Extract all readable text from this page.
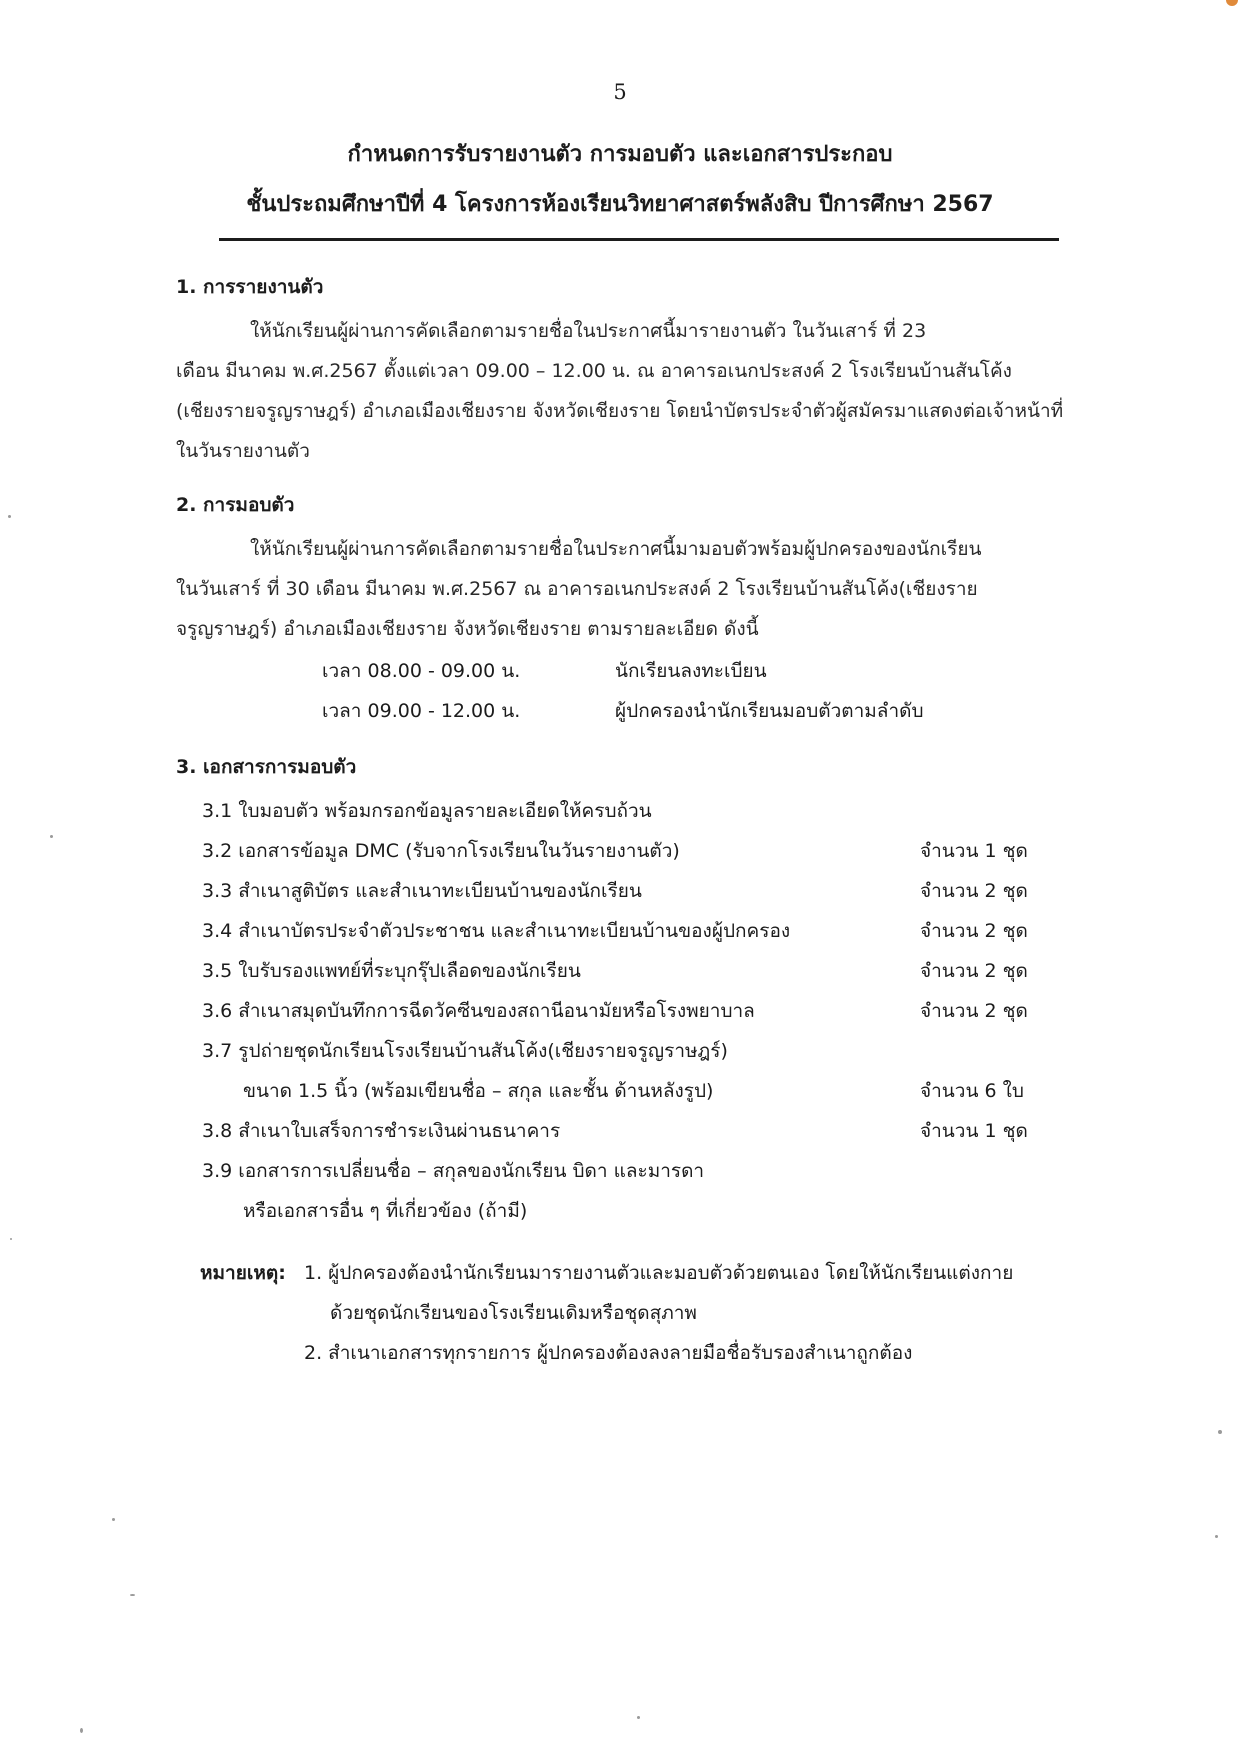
5
กำหนดการรับรายงานตัว การมอบตัว และเอกสารประกอบ
ชั้นประถมศึกษาปีที่ 4 โครงการห้องเรียนวิทยาศาสตร์พลังสิบ ปีการศึกษา 2567
1. การรายงานตัว
ให้นักเรียนผู้ผ่านการคัดเลือกตามรายชื่อในประกาศนี้มารายงานตัว ในวันเสาร์ ที่ 23
เดือน มีนาคม พ.ศ.2567 ตั้งแต่เวลา 09.00 – 12.00 น. ณ อาคารอเนกประสงค์ 2 โรงเรียนบ้านสันโค้ง
(เชียงรายจรูญราษฎร์) อำเภอเมืองเชียงราย จังหวัดเชียงราย โดยนำบัตรประจำตัวผู้สมัครมาแสดงต่อเจ้าหน้าที่
ในวันรายงานตัว
2. การมอบตัว
ให้นักเรียนผู้ผ่านการคัดเลือกตามรายชื่อในประกาศนี้มามอบตัวพร้อมผู้ปกครองของนักเรียน
ในวันเสาร์ ที่ 30 เดือน มีนาคม พ.ศ.2567 ณ อาคารอเนกประสงค์ 2 โรงเรียนบ้านสันโค้ง(เชียงราย
จรูญราษฎร์) อำเภอเมืองเชียงราย จังหวัดเชียงราย ตามรายละเอียด ดังนี้
เวลา 08.00 - 09.00 น.	นักเรียนลงทะเบียน
เวลา 09.00 - 12.00 น.	ผู้ปกครองนำนักเรียนมอบตัวตามลำดับ
3. เอกสารการมอบตัว
3.1 ใบมอบตัว พร้อมกรอกข้อมูลรายละเอียดให้ครบถ้วน
3.2 เอกสารข้อมูล DMC (รับจากโรงเรียนในวันรายงานตัว)	จำนวน 1 ชุด
3.3 สำเนาสูติบัตร และสำเนาทะเบียนบ้านของนักเรียน	จำนวน 2 ชุด
3.4 สำเนาบัตรประจำตัวประชาชน และสำเนาทะเบียนบ้านของผู้ปกครอง	จำนวน 2 ชุด
3.5 ใบรับรองแพทย์ที่ระบุกรุ๊ปเลือดของนักเรียน	จำนวน 2 ชุด
3.6 สำเนาสมุดบันทึกการฉีดวัคซีนของสถานีอนามัยหรือโรงพยาบาล	จำนวน 2 ชุด
3.7 รูปถ่ายชุดนักเรียนโรงเรียนบ้านสันโค้ง(เชียงรายจรูญราษฎร์)
ขนาด 1.5 นิ้ว (พร้อมเขียนชื่อ – สกุล และชั้น ด้านหลังรูป)	จำนวน 6 ใบ
3.8 สำเนาใบเสร็จการชำระเงินผ่านธนาคาร	จำนวน 1 ชุด
3.9 เอกสารการเปลี่ยนชื่อ – สกุลของนักเรียน บิดา และมารดา
หรือเอกสารอื่น ๆ ที่เกี่ยวข้อง (ถ้ามี)
หมายเหตุ: 1. ผู้ปกครองต้องนำนักเรียนมารายงานตัวและมอบตัวด้วยตนเอง โดยให้นักเรียนแต่งกาย
ด้วยชุดนักเรียนของโรงเรียนเดิมหรือชุดสุภาพ
2. สำเนาเอกสารทุกรายการ ผู้ปกครองต้องลงลายมือชื่อรับรองสำเนาถูกต้อง
